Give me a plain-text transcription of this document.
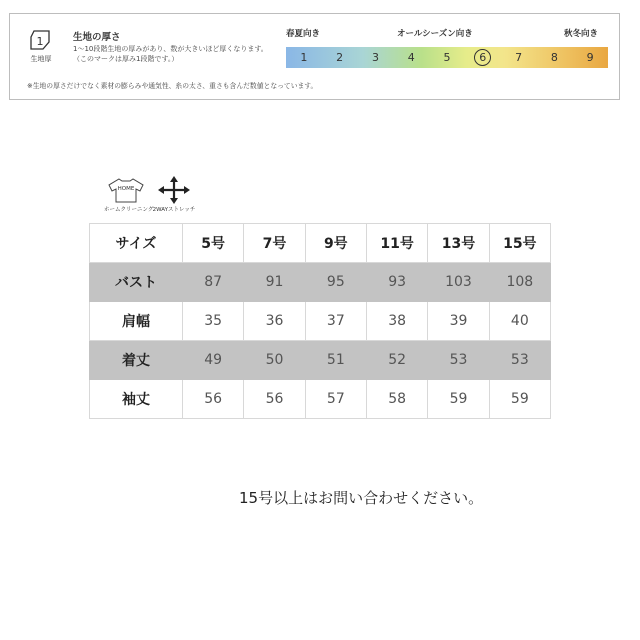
1
生地厚
生地の厚さ
1～10段階生地の厚みがあり、数が大きいほど厚くなります。
（このマークは厚み1段階です。）
春夏向き	オールシーズン向き	秋冬向き
1	2	3	4	5	6	7	8	9
※生地の厚さだけでなく素材の膨らみや通気性、糸の太さ、重さも含んだ数値となっています。
HOME
ホームクリーニング 2WAYストレッチ
サイズ	5号	7号	9号	11号	13号	15号
バスト	87	91	95	93	103	108
肩幅	35	36	37	38	39	40
着丈	49	50	51	52	53	53
袖丈	56	56	57	58	59	59
15号以上はお問い合わせください。
